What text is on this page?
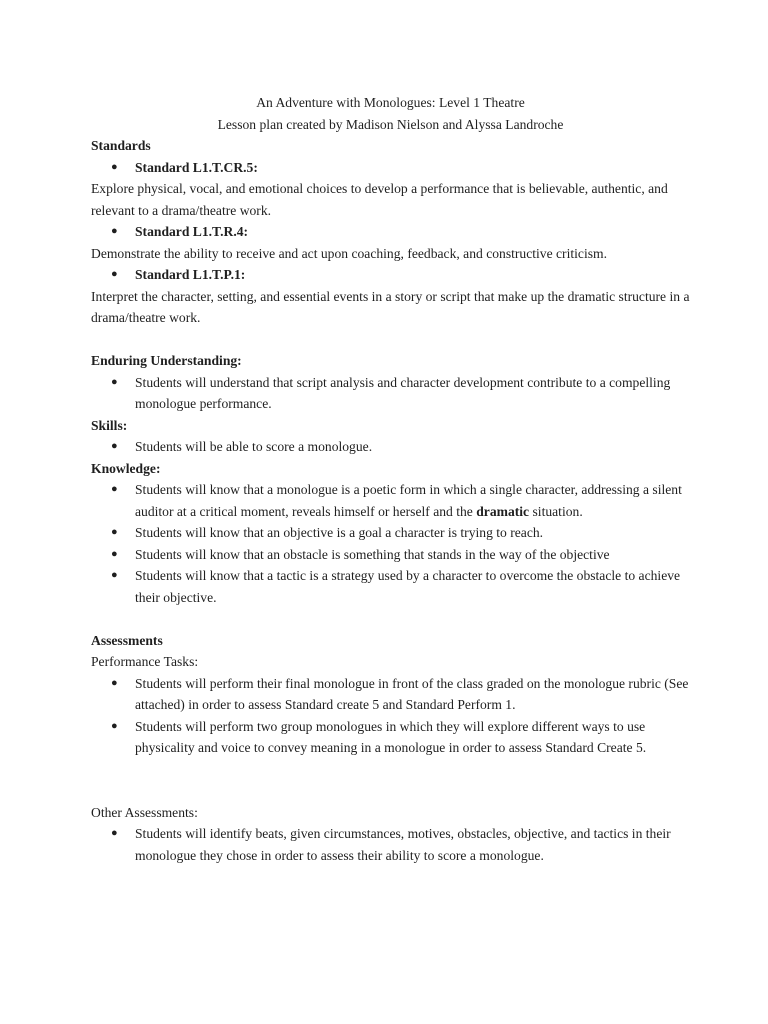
An Adventure with Monologues: Level 1 Theatre

Lesson plan created by Madison Nielson and Alyssa Landroche

Standards

● Standard L1.T.CR.5:

Explore physical, vocal, and emotional choices to develop a performance that is believable, authentic, and relevant to a drama/theatre work.

● Standard L1.T.R.4:

Demonstrate the ability to receive and act upon coaching, feedback, and constructive criticism.

● Standard L1.T.P.1:

Interpret the character, setting, and essential events in a story or script that make up the dramatic structure in a drama/theatre work.

Enduring Understanding:

● Students will understand that script analysis and character development contribute to a compelling monologue performance.

Skills:

● Students will be able to score a monologue.

Knowledge:

● Students will know that a monologue is a poetic form in which a single character, addressing a silent auditor at a critical moment, reveals himself or herself and the dramatic situation.
● Students will know that an objective is a goal a character is trying to reach.
● Students will know that an obstacle is something that stands in the way of the objective
● Students will know that a tactic is a strategy used by a character to overcome the obstacle to achieve their objective.

Assessments

Performance Tasks:

● Students will perform their final monologue in front of the class graded on the monologue rubric (See attached) in order to assess Standard create 5 and Standard Perform 1.
● Students will perform two group monologues in which they will explore different ways to use physicality and voice to convey meaning in a monologue in order to assess Standard Create 5.

Other Assessments:

● Students will identify beats, given circumstances, motives, obstacles, objective, and tactics in their monologue they chose in order to assess their ability to score a monologue.
